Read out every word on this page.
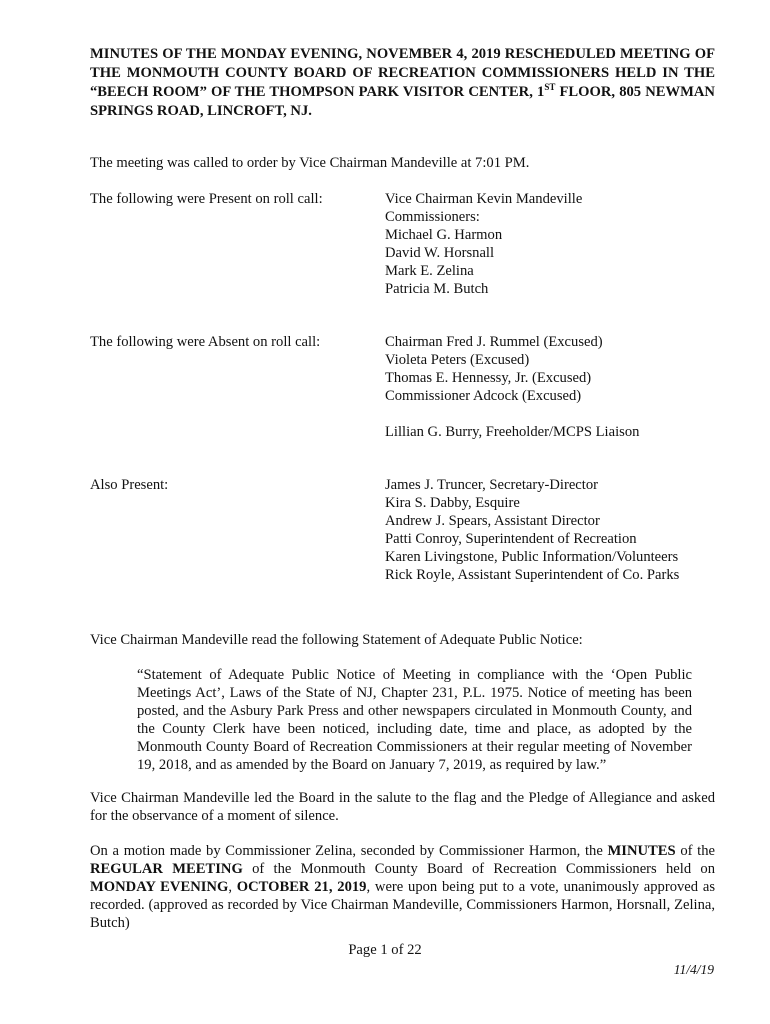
MINUTES OF THE MONDAY EVENING, NOVEMBER 4, 2019 RESCHEDULED MEETING OF THE MONMOUTH COUNTY BOARD OF RECREATION COMMISSIONERS HELD IN THE “BEECH ROOM” OF THE THOMPSON PARK VISITOR CENTER, 1ST FLOOR, 805 NEWMAN SPRINGS ROAD, LINCROFT, NJ.
The meeting was called to order by Vice Chairman Mandeville at 7:01 PM.
The following were Present on roll call:	Vice Chairman Kevin Mandeville
Commissioners:
Michael G. Harmon
David W. Horsnall
Mark E. Zelina
Patricia M. Butch
The following were Absent on roll call:	Chairman Fred J. Rummel (Excused)
Violeta Peters (Excused)
Thomas E. Hennessy, Jr. (Excused)
Commissioner Adcock (Excused)
Lillian G. Burry, Freeholder/MCPS Liaison
Also Present:	James J. Truncer, Secretary-Director
Kira S. Dabby, Esquire
Andrew J. Spears, Assistant Director
Patti Conroy, Superintendent of Recreation
Karen Livingstone, Public Information/Volunteers
Rick Royle, Assistant Superintendent of Co. Parks
Vice Chairman Mandeville read the following Statement of Adequate Public Notice:
“Statement of Adequate Public Notice of Meeting in compliance with the ‘Open Public Meetings Act’, Laws of the State of NJ, Chapter 231, P.L. 1975. Notice of meeting has been posted, and the Asbury Park Press and other newspapers circulated in Monmouth County, and the County Clerk have been noticed, including date, time and place, as adopted by the Monmouth County Board of Recreation Commissioners at their regular meeting of November 19, 2018, and as amended by the Board on January 7, 2019, as required by law.”
Vice Chairman Mandeville led the Board in the salute to the flag and the Pledge of Allegiance and asked for the observance of a moment of silence.
On a motion made by Commissioner Zelina, seconded by Commissioner Harmon, the MINUTES of the REGULAR MEETING of the Monmouth County Board of Recreation Commissioners held on MONDAY EVENING, OCTOBER 21, 2019, were upon being put to a vote, unanimously approved as recorded. (approved as recorded by Vice Chairman Mandeville, Commissioners Harmon, Horsnall, Zelina, Butch)
Page 1 of 22
11/4/19
